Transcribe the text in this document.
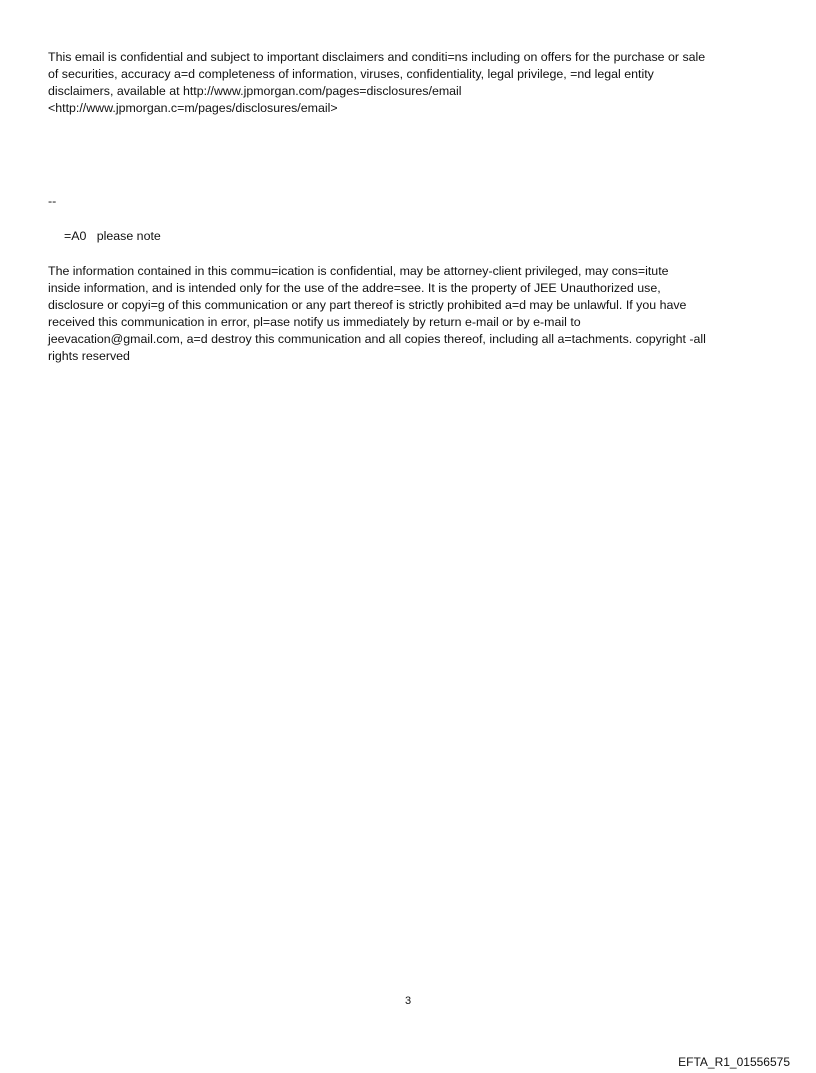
This email is confidential and subject to important disclaimers and conditi=ns including on offers for the purchase or sale
of securities, accuracy a=d completeness of information, viruses, confidentiality, legal privilege, =nd legal entity
disclaimers, available at http://www.jpmorgan.com/pages=disclosures/email
<http://www.jpmorgan.c=m/pages/disclosures/email>

--

=A0   please note

The information contained in this commu=ication is confidential, may be attorney-client privileged, may cons=itute
inside information, and is intended only for the use of the addre=see. It is the property of JEE Unauthorized use,
disclosure or copyi=g of this communication or any part thereof is strictly prohibited a=d may be unlawful. If you have
received this communication in error, pl=ase notify us immediately by return e-mail or by e-mail to
jeevacation@gmail.com, a=d destroy this communication and all copies thereof, including all a=tachments. copyright -all
rights reserved

3

EFTA_R1_01556575
